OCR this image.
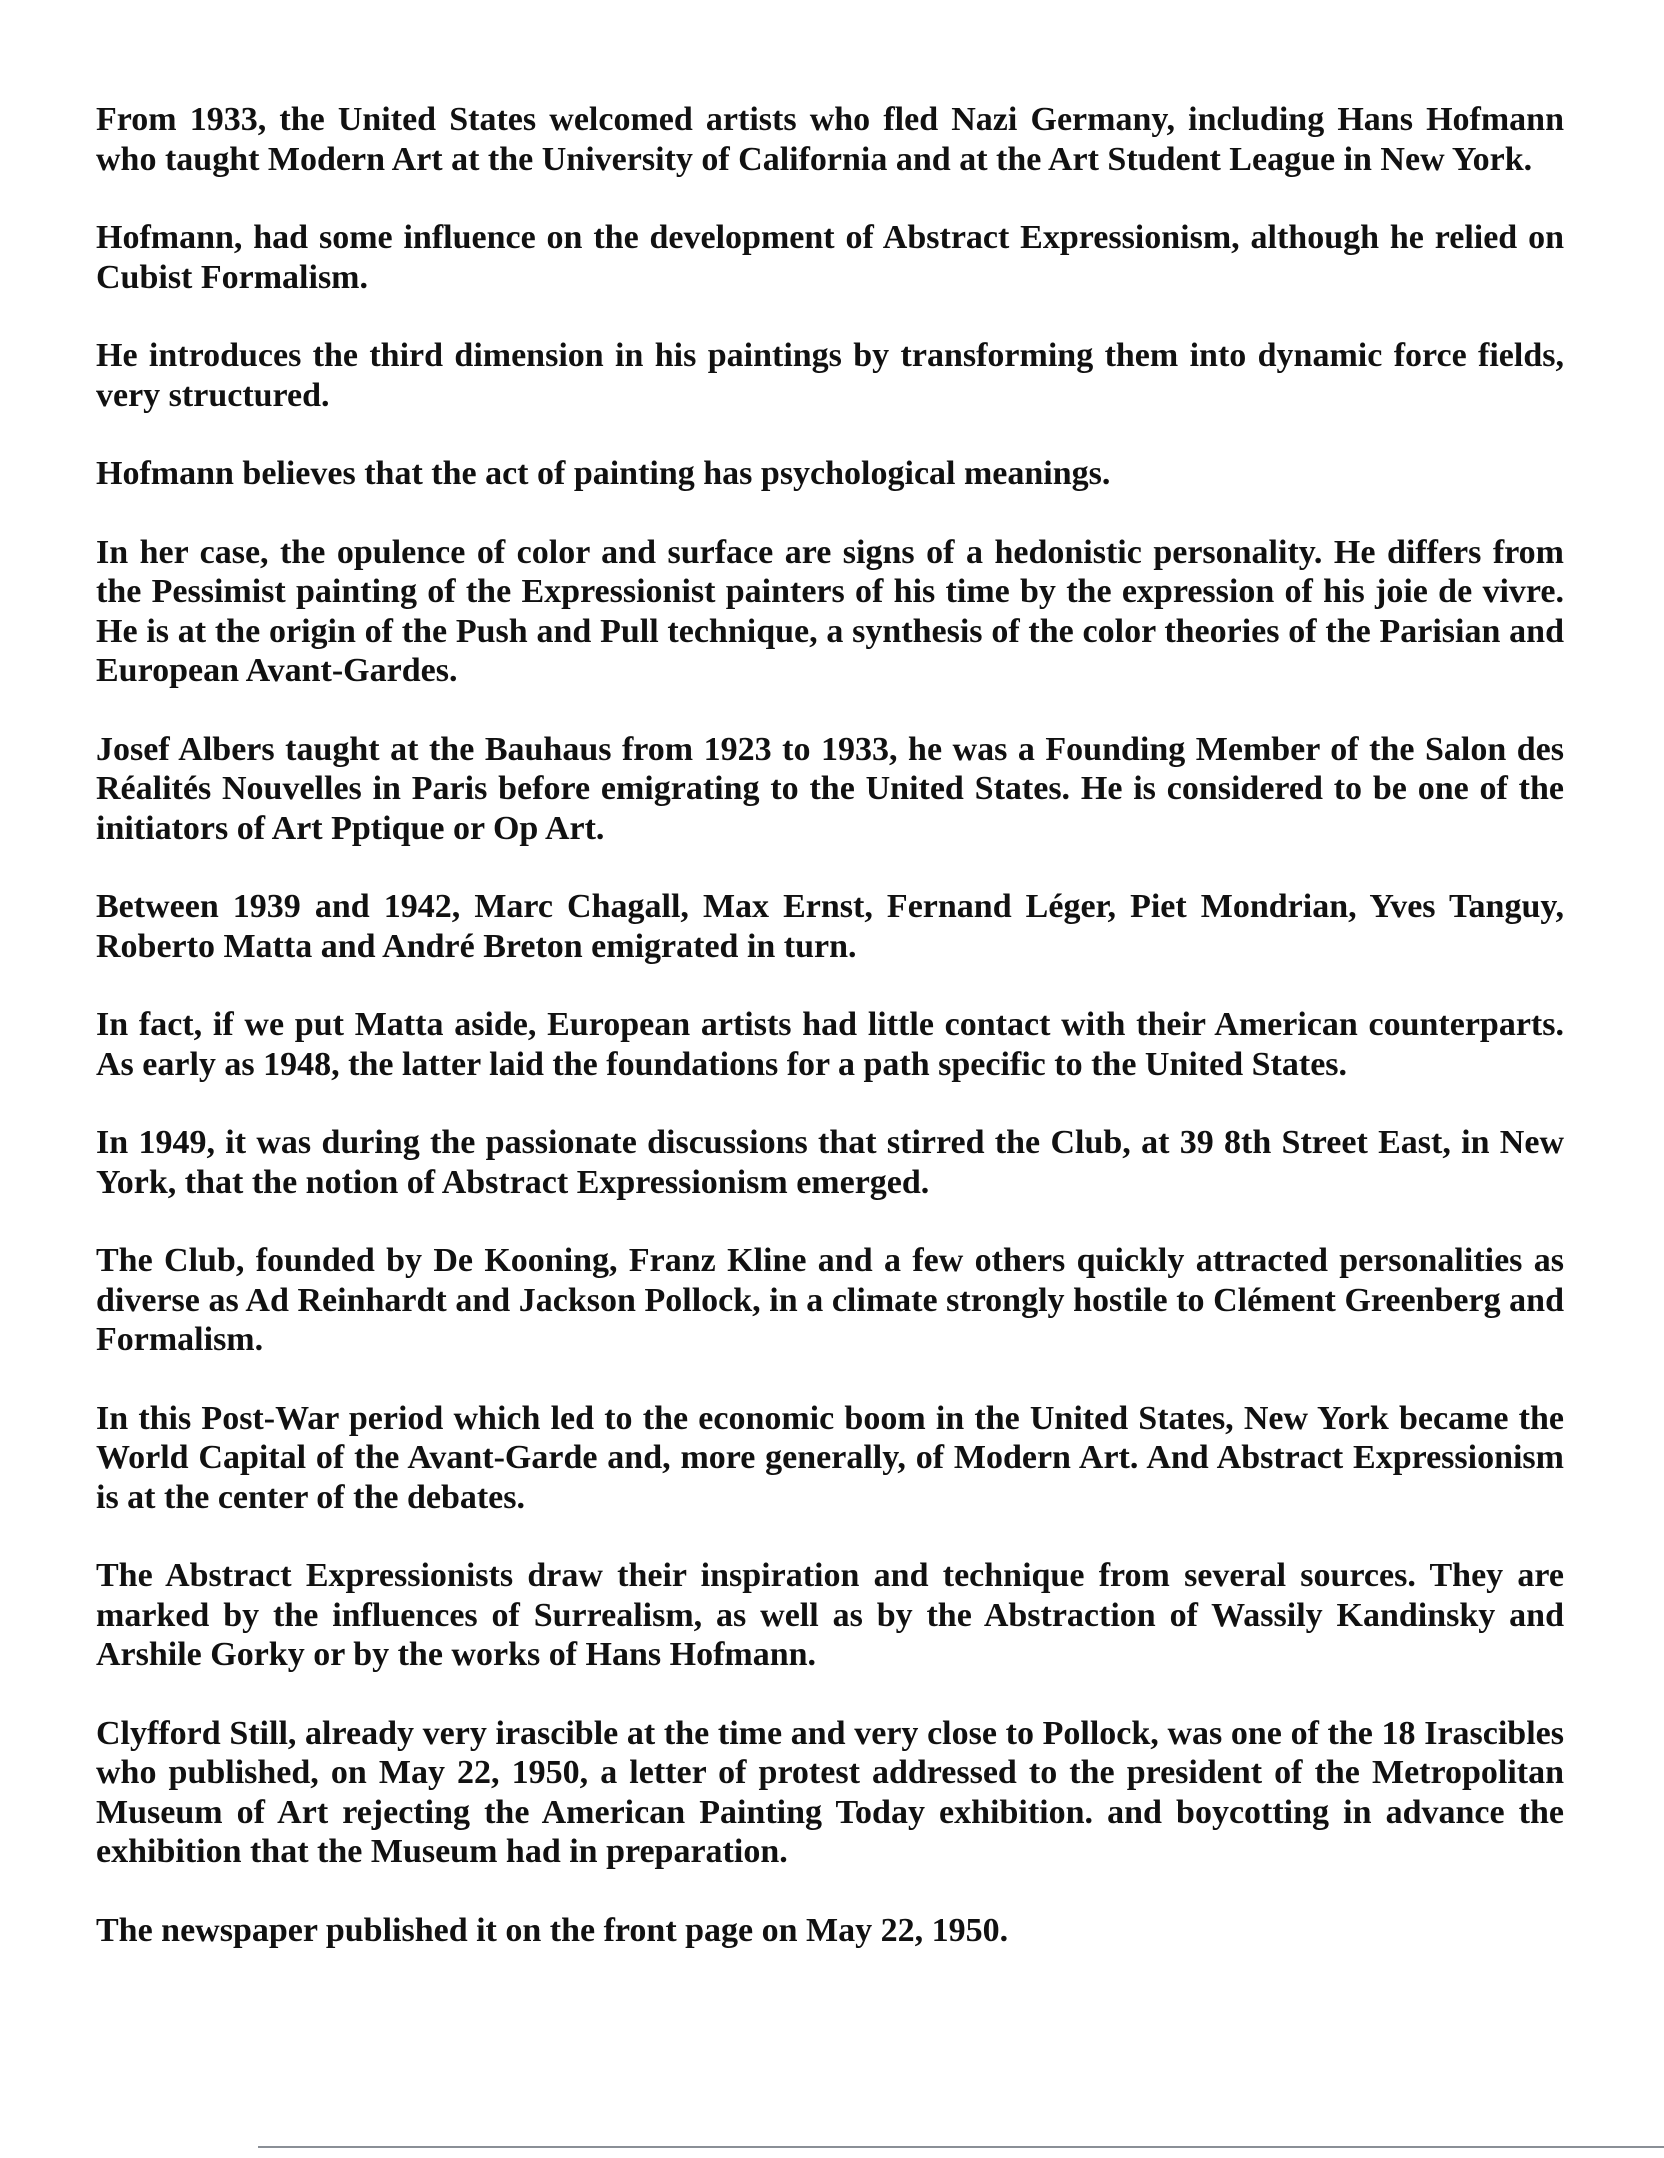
From 1933, the United States welcomed artists who fled Nazi Germany, including Hans Hofmann who taught Modern Art at the University of California and at the Art Student League in New York.

Hofmann, had some influence on the development of Abstract Expressionism, although he relied on Cubist Formalism.

He introduces the third dimension in his paintings by transforming them into dynamic force fields, very structured.

Hofmann believes that the act of painting has psychological meanings.

In her case, the opulence of color and surface are signs of a hedonistic personality. He differs from the Pessimist painting of the Expressionist painters of his time by the expression of his joie de vivre. He is at the origin of the Push and Pull technique, a synthesis of the color theories of the Parisian and European Avant-Gardes.

Josef Albers taught at the Bauhaus from 1923 to 1933, he was a Founding Member of the Salon des Réalités Nouvelles in Paris before emigrating to the United States. He is considered to be one of the initiators of Art Pptique or Op Art.

Between 1939 and 1942, Marc Chagall, Max Ernst, Fernand Léger, Piet Mondrian, Yves Tanguy, Roberto Matta and André Breton emigrated in turn.

In fact, if we put Matta aside, European artists had little contact with their American counterparts. As early as 1948, the latter laid the foundations for a path specific to the United States.

In 1949, it was during the passionate discussions that stirred the Club, at 39 8th Street East, in New York, that the notion of Abstract Expressionism emerged.

The Club, founded by De Kooning, Franz Kline and a few others quickly attracted personalities as diverse as Ad Reinhardt and Jackson Pollock, in a climate strongly hostile to Clément Greenberg and Formalism.

In this Post-War period which led to the economic boom in the United States, New York became the World Capital of the Avant-Garde and, more generally, of Modern Art. And Abstract Expressionism is at the center of the debates.

The Abstract Expressionists draw their inspiration and technique from several sources. They are marked by the influences of Surrealism, as well as by the Abstraction of Wassily Kandinsky and Arshile Gorky or by the works of Hans Hofmann.

Clyfford Still, already very irascible at the time and very close to Pollock, was one of the 18 Irascibles who published, on May 22, 1950, a letter of protest addressed to the president of the Metropolitan Museum of Art rejecting the American Painting Today exhibition. and boycotting in advance the exhibition that the Museum had in preparation.

The newspaper published it on the front page on May 22, 1950.
